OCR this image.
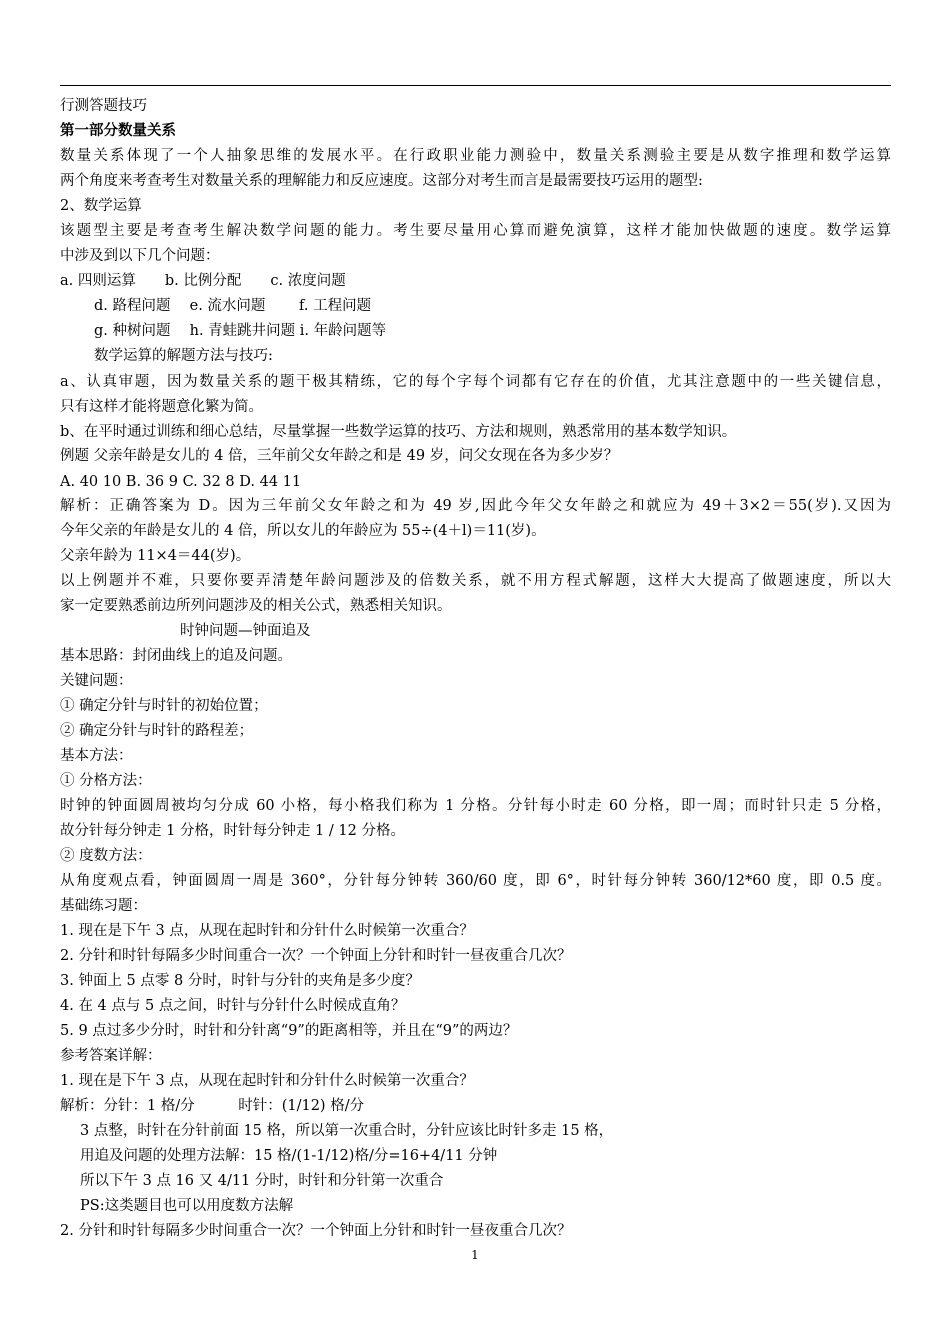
行测答题技巧
第一部分数量关系
数量关系体现了一个人抽象思维的发展水平。在行政职业能力测验中，数量关系测验主要是从数字推理和数学运算
两个角度来考查考生对数量关系的理解能力和反应速度。这部分对考生而言是最需要技巧运用的题型:
2、数学运算
该题型主要是考查考生解决数学问题的能力。考生要尽量用心算而避免演算，这样才能加快做题的速度。数学运算
中涉及到以下几个问题：
a. 四则运算　　b. 比例分配　　c. 浓度问题
d. 路程问题　 e. 流水问题　　 f. 工程问题
g. 种树问题　 h. 青蛙跳井问题 i. 年龄问题等
数学运算的解题方法与技巧:
a、认真审题，因为数量关系的题干极其精练，它的每个字每个词都有它存在的价值，尤其注意题中的一些关键信息，
只有这样才能将题意化繁为简。
b、在平时通过训练和细心总结，尽量掌握一些数学运算的技巧、方法和规则，熟悉常用的基本数学知识。
例题 父亲年龄是女儿的 4 倍，三年前父女年龄之和是 49 岁，问父女现在各为多少岁？
A. 40 10 B. 36 9 C. 32 8 D. 44 11
解析：正确答案为 D。因为三年前父女年龄之和为 49 岁,因此今年父女年龄之和就应为 49＋3×2＝55(岁).又因为
今年父亲的年龄是女儿的 4 倍，所以女儿的年龄应为 55÷(4＋l)＝11(岁)。
父亲年龄为 11×4＝44(岁)。
以上例题并不难，只要你要弄清楚年龄问题涉及的倍数关系，就不用方程式解题，这样大大提高了做题速度，所以大
家一定要熟悉前边所列问题涉及的相关公式，熟悉相关知识。
时钟问题—钟面追及
基本思路：封闭曲线上的追及问题。
关键问题：
① 确定分针与时针的初始位置；
② 确定分针与时针的路程差；
基本方法：
① 分格方法：
时钟的钟面圆周被均匀分成 60 小格，每小格我们称为 1 分格。分针每小时走 60 分格，即一周；而时针只走 5 分格，
故分针每分钟走 1 分格，时针每分钟走 1 / 12 分格。
② 度数方法：
从角度观点看，钟面圆周一周是 360°，分针每分钟转 360/60 度，即 6°，时针每分钟转 360/12*60 度，即 0.5 度。
基础练习题：
1. 现在是下午 3 点，从现在起时针和分针什么时候第一次重合？
2. 分针和时针每隔多少时间重合一次？一个钟面上分针和时针一昼夜重合几次？
3. 钟面上 5 点零 8 分时，时针与分针的夹角是多少度？
4. 在 4 点与 5 点之间，时针与分针什么时候成直角？
5. 9 点过多少分时，时针和分针离“9”的距离相等，并且在“9”的两边？
参考答案详解：
1. 现在是下午 3 点，从现在起时针和分针什么时候第一次重合？
解析：分针：1 格/分　　　时针：(1/12) 格/分
3 点整，时针在分针前面 15 格，所以第一次重合时，分针应该比时针多走 15 格，
用追及问题的处理方法解：15 格/(1-1/12)格/分=16+4/11 分钟
所以下午 3 点 16 又 4/11 分时，时针和分针第一次重合
PS:这类题目也可以用度数方法解
2. 分针和时针每隔多少时间重合一次？一个钟面上分针和时针一昼夜重合几次？
1
